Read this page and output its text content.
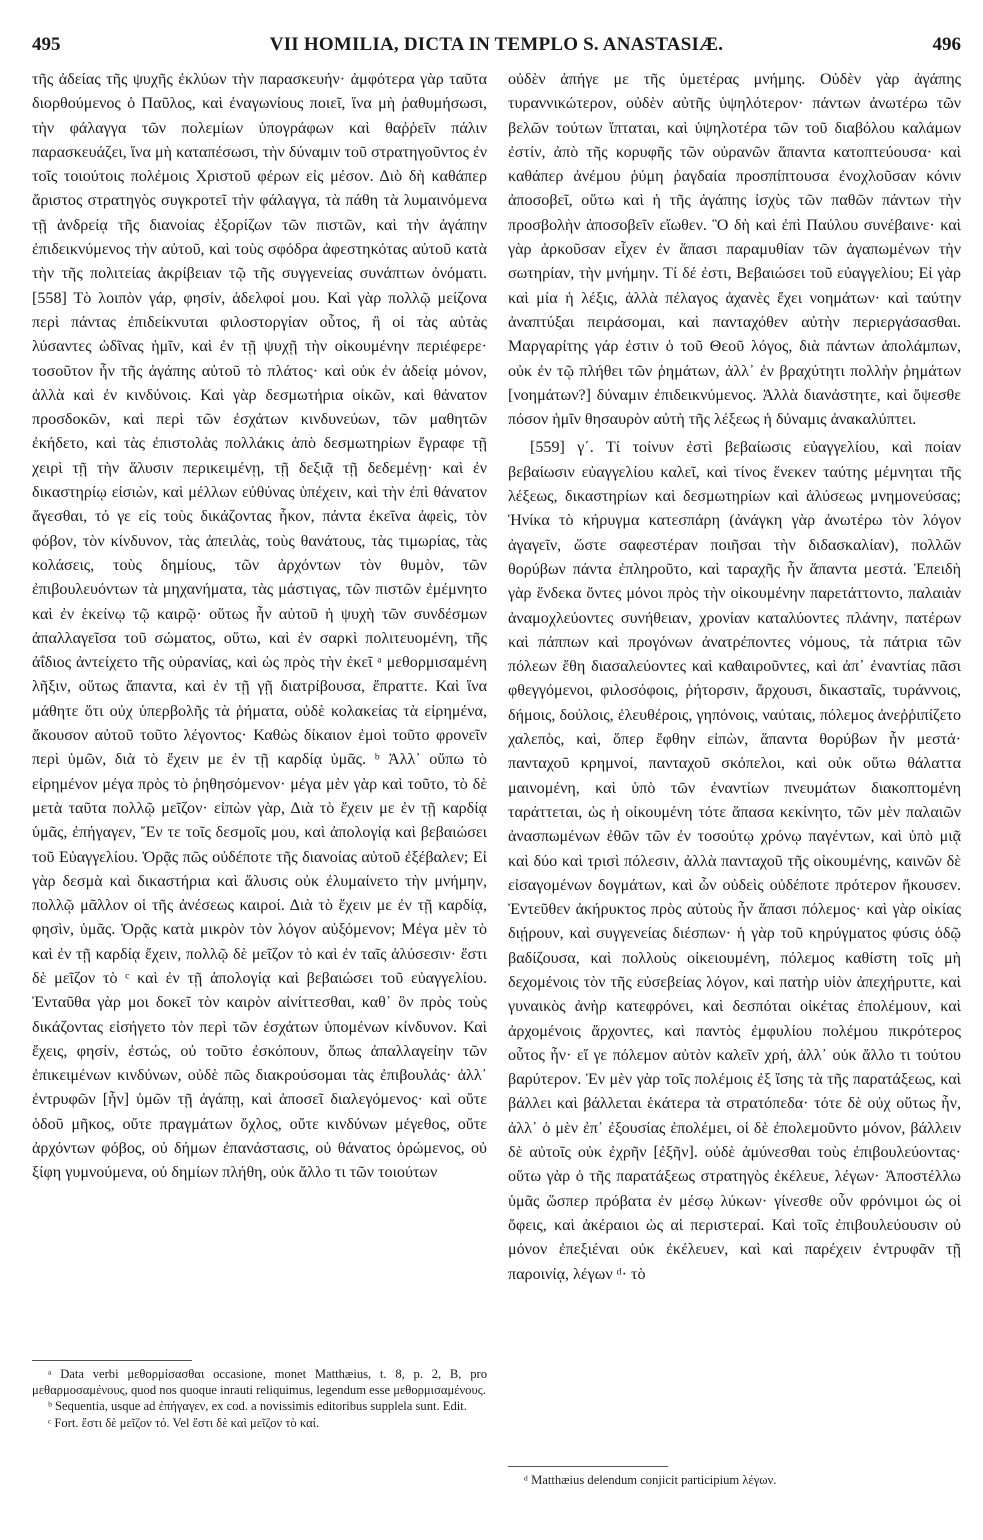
495	VII HOMILIA, DICTA IN TEMPLO S. ANASTASIÆ.	496

τῆς ἀδείας τῆς ψυχῆς ἐκλύων τὴν παρασκευήν· ἀμφότερα γὰρ ταῦτα διορθούμενος ὁ Παῦλος, καὶ ἐναγωνίους ποιεῖ, ἵνα μὴ ῥαθυμήσωσι, τὴν φάλαγγα τῶν πολεμίων ὑπογράφων καὶ θαῤῥεῖν πάλιν παρασκευάζει, ἵνα μὴ καταπέσωσι, τὴν δύναμιν τοῦ στρατηγοῦντος ἐν τοῖς τοιούτοις πολέμοις Χριστοῦ φέρων εἰς μέσον. Διὸ δὴ καθάπερ ἄριστος στρατηγὸς συγκροτεῖ τὴν φάλαγγα, τὰ πάθη τὰ λυμαινόμενα τῇ ἀνδρείᾳ τῆς διανοίας ἐξορίζων τῶν πιστῶν, καὶ τὴν ἀγάπην ἐπιδεικνύμενος τὴν αὐτοῦ, καὶ τοὺς σφόδρα ἀφεστηκότας αὐτοῦ κατὰ τὴν τῆς πολιτείας ἀκρίβειαν τῷ τῆς συγγενείας συνάπτων ὀνόματι. [558] Τὸ λοιπὸν γάρ, φησίν, ἀδελφοί μου. Καὶ γὰρ πολλῷ μείζονα περὶ πάντας ἐπιδείκνυται φιλοστοργίαν οὗτος, ἢ οἱ τὰς αὐτὰς λύσαντες ὠδῖνας ἡμῖν, καὶ ἐν τῇ ψυχῇ τὴν οἰκουμένην περιέφερε· τοσοῦτον ἦν τῆς ἀγάπης αὐτοῦ τὸ πλάτος· καὶ οὐκ ἐν ἀδείᾳ μόνον, ἀλλὰ καὶ ἐν κινδύνοις. Καὶ γὰρ δεσμωτήρια οἰκῶν, καὶ θάνατον προσδοκῶν, καὶ περὶ τῶν ἐσχάτων κινδυνεύων, τῶν μαθητῶν ἐκήδετο, καὶ τὰς ἐπιστολὰς πολλάκις ἀπὸ δεσμωτηρίων ἔγραφε τῇ χειρὶ τῇ τὴν ἅλυσιν περικειμένῃ, τῇ δεξιᾷ τῇ δεδεμένῃ· καὶ ἐν δικαστηρίῳ εἰσιὼν, καὶ μέλλων εὐθύνας ὑπέχειν, καὶ τὴν ἐπὶ θάνατον ἄγεσθαι, τό γε εἰς τοὺς δικάζοντας ἧκον, πάντα ἐκεῖνα ἀφεὶς, τὸν φόβον, τὸν κίνδυνον, τὰς ἀπειλὰς, τοὺς θανάτους, τὰς τιμωρίας, τὰς κολάσεις, τοὺς δημίους, τῶν ἀρχόντων τὸν θυμὸν, τῶν ἐπιβουλευόντων τὰ μηχανήματα, τὰς μάστιγας, τῶν πιστῶν ἐμέμνητο καὶ ἐν ἑκείνῳ τῷ καιρῷ· οὕτως ἦν αὐτοῦ ἡ ψυχὴ τῶν συνδέσμων ἀπαλλαγεῖσα τοῦ σώματος, οὕτω, καὶ ἐν σαρκὶ πολιτευομένη, τῆς ἀΐδιος ἀντείχετο τῆς οὐρανίας, καὶ ὡς πρὸς τὴν ἐκεῖ ᵃ μεθορμισαμένη λῆξιν, οὕτως ἅπαντα, καὶ ἐν τῇ γῇ διατρίβουσα, ἔπραττε. Καὶ ἵνα μάθητε ὅτι οὐχ ὑπερβολῆς τὰ ῥήματα, οὐδὲ κολακείας τὰ εἰρημένα, ἄκουσον αὐτοῦ τοῦτο λέγοντος· Καθὼς δίκαιον ἐμοὶ τοῦτο φρονεῖν περὶ ὑμῶν, διὰ τὸ ἔχειν με ἐν τῇ καρδίᾳ ὑμᾶς. ᵇ Ἀλλ᾽ οὔπω τὸ εἰρημένον μέγα πρὸς τὸ ῥηθησόμενον· μέγα μὲν γὰρ καὶ τοῦτο, τὸ δὲ μετὰ ταῦτα πολλῷ μεῖζον· εἰπὼν γὰρ, Διὰ τὸ ἔχειν με ἐν τῇ καρδίᾳ ὑμᾶς, ἐπήγαγεν, Ἔν τε τοῖς δεσμοῖς μου, καὶ ἀπολογίᾳ καὶ βεβαιώσει τοῦ Εὐαγγελίου. Ὁρᾷς πῶς οὐδέποτε τῆς διανοίας αὐτοῦ ἐξέβαλεν; Εἰ γὰρ δεσμὰ καὶ δικαστήρια καὶ ἅλυσις οὐκ ἐλυμαίνετο τὴν μνήμην, πολλῷ μᾶλλον οἱ τῆς ἀνέσεως καιροί. Διὰ τὸ ἔχειν με ἐν τῇ καρδίᾳ, φησὶν, ὑμᾶς. Ὁρᾷς κατὰ μικρὸν τὸν λόγον αὐξόμενον; Μέγα μὲν τὸ καὶ ἐν τῇ καρδίᾳ ἔχειν, πολλῷ δὲ μεῖζον τὸ καὶ ἐν ταῖς ἁλύσεσιν· ἔστι δὲ μεῖζον τὸ ᶜ καὶ ἐν τῇ ἀπολογίᾳ καὶ βεβαιώσει τοῦ εὐαγγελίου. Ἐνταῦθα γὰρ μοι δοκεῖ τὸν καιρὸν αἰνίττεσθαι, καθ᾽ ὃν πρὸς τοὺς δικάζοντας εἰσήγετο τὸν περὶ τῶν ἐσχάτων ὑπομένων κίνδυνον. Καὶ ἔχεις, φησίν, ἐστώς, οὐ τοῦτο ἐσκόπουν, ὅπως ἀπαλλαγείην τῶν ἐπικειμένων κινδύνων, οὐδὲ πῶς διακρούσομαι τὰς ἐπιβουλάς· ἀλλ᾽ ἐντρυφῶν [ἦν] ὑμῶν τῇ ἀγάπῃ, καὶ ἀποσεῖ διαλεγόμενος· καὶ οὔτε ὁδοῦ μῆκος, οὔτε πραγμάτων ὄχλος, οὔτε κινδύνων μέγεθος, οὔτε ἀρχόντων φόβος, οὐ δήμων ἐπανάστασις, οὐ θάνατος ὁρώμενος, οὐ ξίφη γυμνούμενα, οὐ δημίων πλήθη, οὐκ ἄλλο τι τῶν τοιούτων

οὐδὲν ἀπήγε με τῆς ὑμετέρας μνήμης. Οὐδὲν γὰρ ἀγάπης τυραννικώτερον, οὐδὲν αὐτῆς ὑψηλότερον· πάντων ἀνωτέρω τῶν βελῶν τούτων ἵπταται, καὶ ὑψηλοτέρα τῶν τοῦ διαβόλου καλάμων ἐστίν, ἀπὸ τῆς κορυφῆς τῶν οὐρανῶν ἅπαντα κατοπτεύουσα· καὶ καθάπερ ἀνέμου ῥύμη ῥαγδαία προσπίπτουσα ἐνοχλοῦσαν κόνιν ἀποσοβεῖ, οὕτω καὶ ἡ τῆς ἀγάπης ἰσχὺς τῶν παθῶν πάντων τὴν προσβολὴν ἀποσοβεῖν εἴωθεν. Ὃ δὴ καὶ ἐπὶ Παύλου συνέβαινε· καὶ γὰρ ἀρκοῦσαν εἶχεν ἐν ἅπασι παραμυθίαν τῶν ἀγαπωμένων τὴν σωτηρίαν, τὴν μνήμην. Τί δέ ἐστι, Βεβαιώσει τοῦ εὐαγγελίου; Εἰ γὰρ καὶ μία ἡ λέξις, ἀλλὰ πέλαγος ἀχανὲς ἔχει νοημάτων· καὶ ταύτην ἀναπτύξαι πειράσομαι, καὶ πανταχόθεν αὐτὴν περιεργάσασθαι. Μαργαρίτης γάρ ἐστιν ὁ τοῦ Θεοῦ λόγος, διὰ πάντων ἀπολάμπων, οὐκ ἐν τῷ πλήθει τῶν ῥημάτων, ἀλλ᾽ ἐν βραχύτητι πολλὴν ῥημάτων [νοημάτων?] δύναμιν ἐπιδεικνύμενος. Ἀλλὰ διανάστητε, καὶ ὄψεσθε πόσον ἡμῖν θησαυρὸν αὐτὴ τῆς λέξεως ἡ δύναμις ἀνακαλύπτει.

[559] γ΄. Τί τοίνυν ἐστὶ βεβαίωσις εὐαγγελίου, καὶ ποίαν βεβαίωσιν εὐαγγελίου καλεῖ, καὶ τίνος ἕνεκεν ταύτης μέμνηται τῆς λέξεως, δικαστηρίων καὶ δεσμωτηρίων καὶ ἁλύσεως μνημονεύσας; Ἡνίκα τὸ κήρυγμα κατεσπάρη (ἀνάγκη γὰρ ἀνωτέρω τὸν λόγον ἀγαγεῖν, ὥστε σαφεστέραν ποιῆσαι τὴν διδασκαλίαν), πολλῶν θορύβων πάντα ἐπληροῦτο, καὶ ταραχῆς ἦν ἅπαντα μεστά. Ἐπειδὴ γὰρ ἕνδεκα ὄντες μόνοι πρὸς τὴν οἰκουμένην παρετάττοντο, παλαιὰν ἀναμοχλεύοντες συνήθειαν, χρονίαν καταλύοντες πλάνην, πατέρων καὶ πάππων καὶ προγόνων ἀνατρέποντες νόμους, τὰ πάτρια τῶν πόλεων ἔθη διασαλεύοντες καὶ καθαιροῦντες, καὶ ἀπ᾽ ἐναντίας πᾶσι φθεγγόμενοι, φιλοσόφοις, ῥήτορσιν, ἄρχουσι, δικασταῖς, τυράννοις, δήμοις, δούλοις, ἐλευθέροις, γηπόνοις, ναύταις, πόλεμος ἀνεῤῥιπίζετο χαλεπὸς, καὶ, ὅπερ ἔφθην εἰπὼν, ἅπαντα θορύβων ἦν μεστά· πανταχοῦ κρημνοί, πανταχοῦ σκόπελοι, καὶ οὐκ οὕτω θάλαττα μαινομένη, καὶ ὑπὸ τῶν ἐναντίων πνευμάτων διακοπτομένη ταράττεται, ὡς ἡ οἰκουμένη τότε ἅπασα κεκίνητο, τῶν μὲν παλαιῶν ἀνασπωμένων ἐθῶν τῶν ἐν τοσούτῳ χρόνῳ παγέντων, καὶ ὑπὸ μιᾷ καὶ δύο καὶ τρισὶ πόλεσιν, ἀλλὰ πανταχοῦ τῆς οἰκουμένης, καινῶν δὲ εἰσαγομένων δογμάτων, καὶ ὧν οὐδεὶς οὐδέποτε πρότερον ἤκουσεν. Ἐντεῦθεν ἀκήρυκτος πρὸς αὐτοὺς ἦν ἅπασι πόλεμος· καὶ γὰρ οἰκίας διῄρουν, καὶ συγγενείας διέσπων· ἡ γὰρ τοῦ κηρύγματος φύσις ὁδῷ βαδίζουσα, καὶ πολλοὺς οἰκειουμένη, πόλεμος καθίστη τοῖς μὴ δεχομένοις τὸν τῆς εὐσεβείας λόγον, καὶ πατὴρ υἱὸν ἀπεχήρυττε, καὶ γυναικὸς ἀνὴρ κατεφρόνει, καὶ δεσπόται οἰκέτας ἐπολέμουν, καὶ ἀρχομένοις ἄρχοντες, καὶ παντὸς ἐμφυλίου πολέμου πικρότερος οὗτος ἦν· εἴ γε πόλεμον αὐτὸν καλεῖν χρή, ἀλλ᾽ οὐκ ἄλλο τι τούτου βαρύτερον. Ἐν μὲν γὰρ τοῖς πολέμοις ἐξ ἴσης τὰ τῆς παρατάξεως, καὶ βάλλει καὶ βάλλεται ἑκάτερα τὰ στρατόπεδα· τότε δὲ οὐχ οὕτως ἦν, ἀλλ᾽ ὁ μὲν ἐπ᾽ ἐξουσίας ἐπολέμει, οἱ δὲ ἐπολεμοῦντο μόνον, βάλλειν δὲ αὐτοῖς οὐκ ἐχρῆν [ἐξῆν]. οὐδὲ ἀμύνεσθαι τοὺς ἐπιβουλεύοντας· οὕτω γὰρ ὁ τῆς παρατάξεως στρατηγὸς ἐκέλευε, λέγων· Ἀποστέλλω ὑμᾶς ὥσπερ πρόβατα ἐν μέσῳ λύκων· γίνεσθε οὖν φρόνιμοι ὡς οἱ ὄφεις, καὶ ἀκέραιοι ὡς αἱ περιστεραί. Καὶ τοῖς ἐπιβουλεύουσιν οὐ μόνον ἐπεξιέναι οὐκ ἐκέλευεν, καὶ καὶ παρέχειν ἐντρυφᾶν τῇ παροινίᾳ, λέγων ᵈ· τὸ

ᵃ Data verbi μεθορμίσασθαι occasione, monet Matthæius, t. 8, p. 2, B, pro μεθαρμοσαμένους, quod nos quoque inrauti reliquimus, legendum esse μεθορμισαμένους.

ᵇ Sequentia, usque ad ἐπήγαγεν, ex cod. a novissimis editoribus supplela sunt. Edit.

ᶜ Fort. ἔστι δὲ μεῖζον τό. Vel ἔστι δὲ καὶ μεῖζον τὸ καί.

ᵈ Matthæius delendum conjicit participium λέγων.
